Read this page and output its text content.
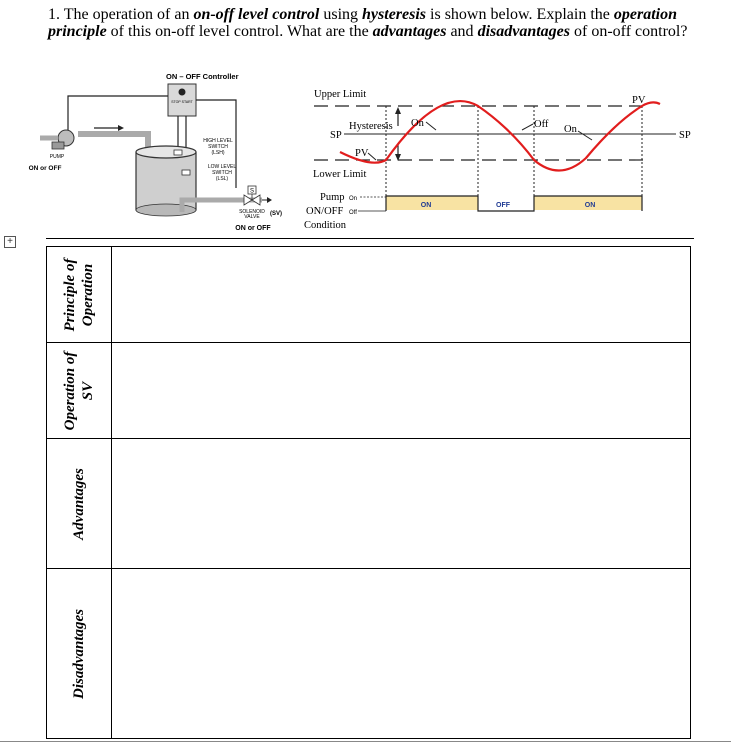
1. The operation of an on-off level control using hysteresis is shown below. Explain the operation principle of this on-off level control. What are the advantages and disadvantages of on-off control?
ON – OFF Controller
STOP START
PUMP
ON or OFF
HIGH LEVEL
SWITCH
(LSH)
LOW LEVEL
SWITCH
(LSL)
S
SOLENOID
VALVE (SV)
ON or OFF
Upper Limit
SP	SP
Lower Limit
Hysteresis
PV
PV
On	Off On
Pump On
ON/OFF Off
Condition
ON	OFF	ON
+
Principle of Operation	

Operation of SV	

Advantages	

Disadvantages	
